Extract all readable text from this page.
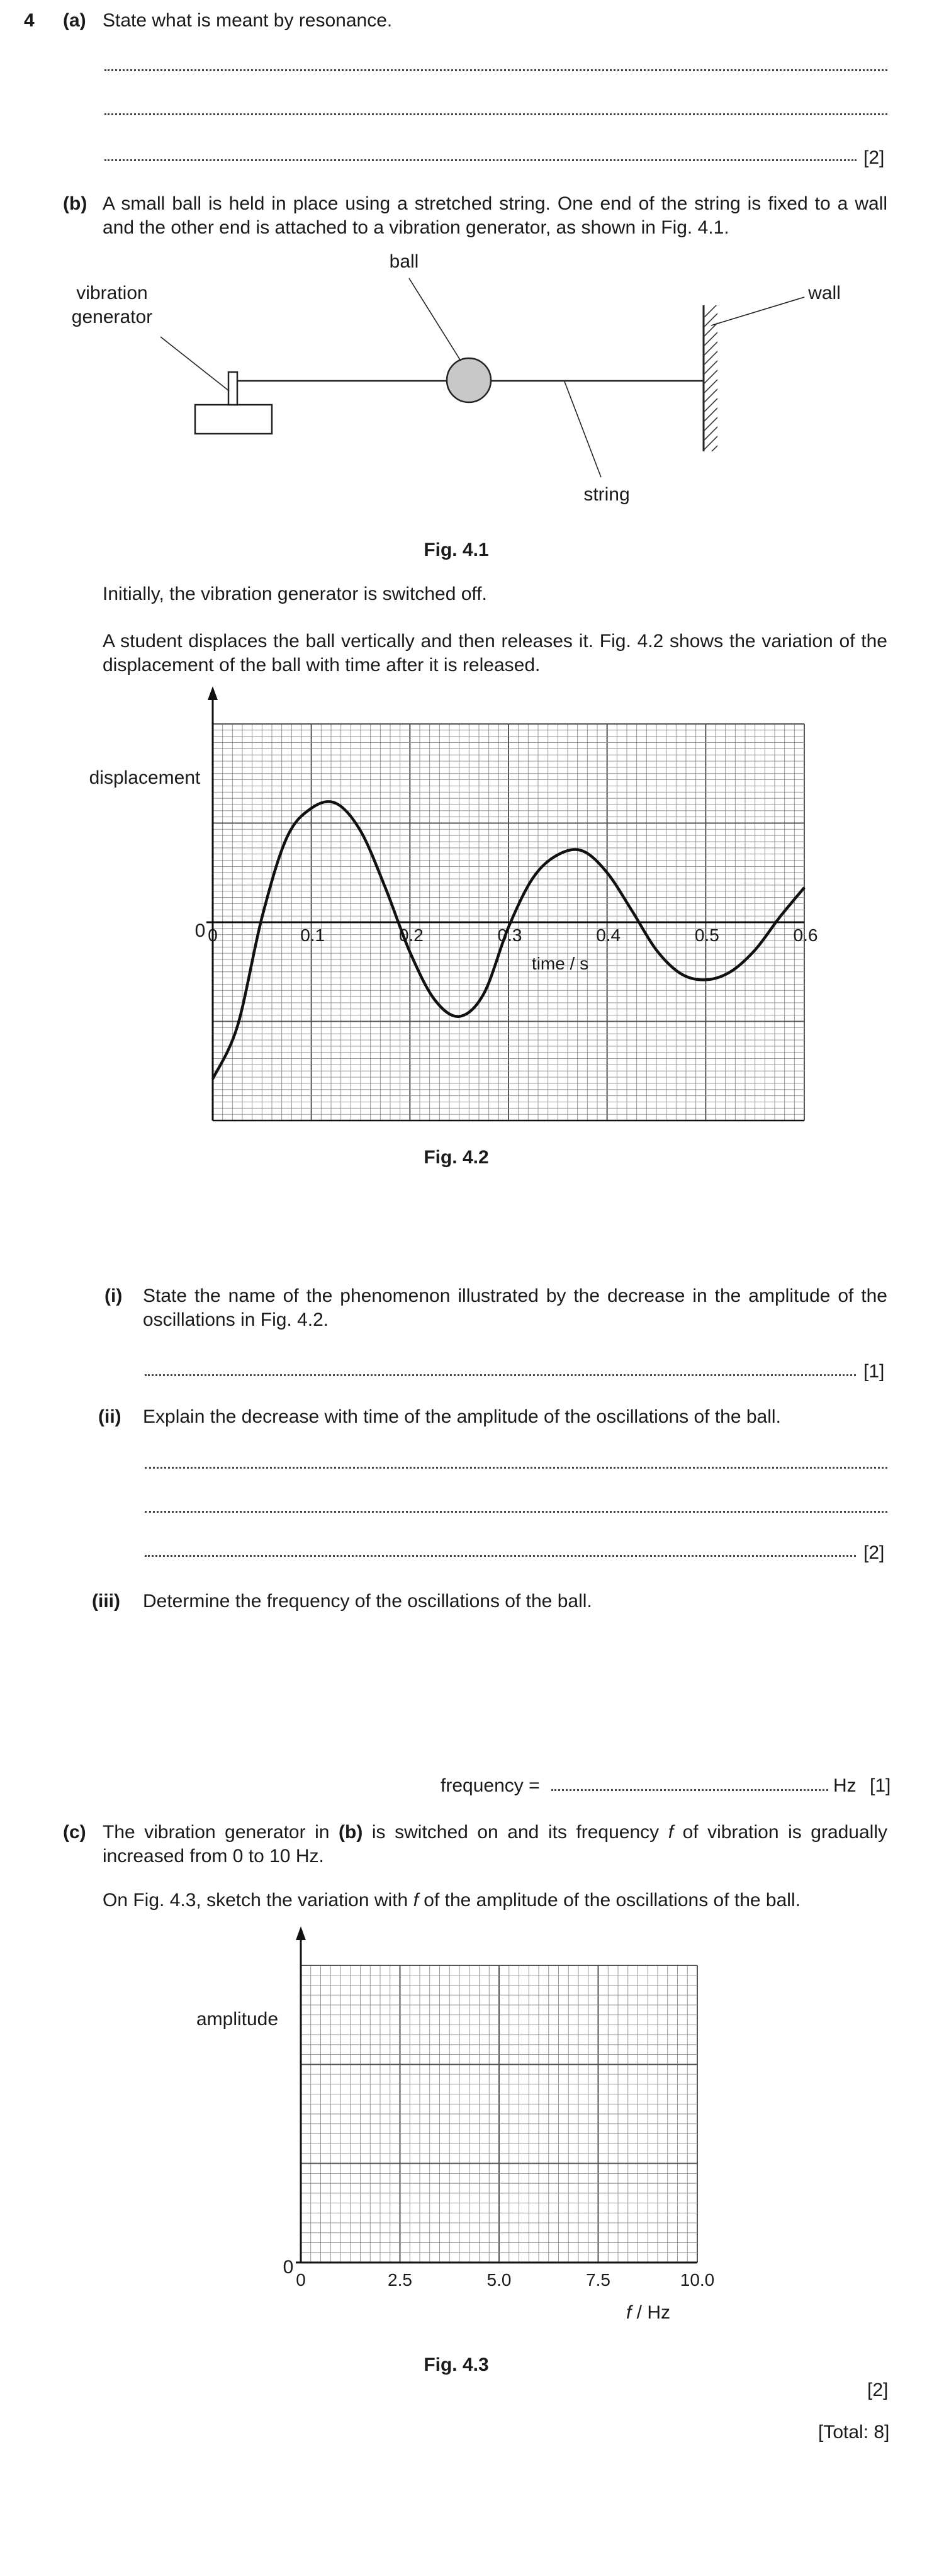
4 (a) State what is meant by resonance.
[2]
(b) A small ball is held in place using a stretched string. One end of the string is fixed to a wall and the other end is attached to a vibration generator, as shown in Fig. 4.1.
vibration
generator
ball
wall
string
Fig. 4.1
Initially, the vibration generator is switched off.
A student displaces the ball vertically and then releases it. Fig. 4.2 shows the variation of the displacement of the ball with time after it is released.
0	0.1	0.2	0.3	0.4	0.5	0.6
displacement
0
time / s
Fig. 4.2
(i) State the name of the phenomenon illustrated by the decrease in the amplitude of the oscillations in Fig. 4.2.
[1]
(ii) Explain the decrease with time of the amplitude of the oscillations of the ball.
[2]
(iii) Determine the frequency of the oscillations of the ball.
frequency =	Hz [1]
(c) The vibration generator in (b) is switched on and its frequency f of vibration is gradually increased from 0 to 10 Hz.
On Fig. 4.3, sketch the variation with f of the amplitude of the oscillations of the ball.
0	2.5	5.0	7.5	10.0
amplitude
0
f / Hz
Fig. 4.3
[2]
[Total: 8]
